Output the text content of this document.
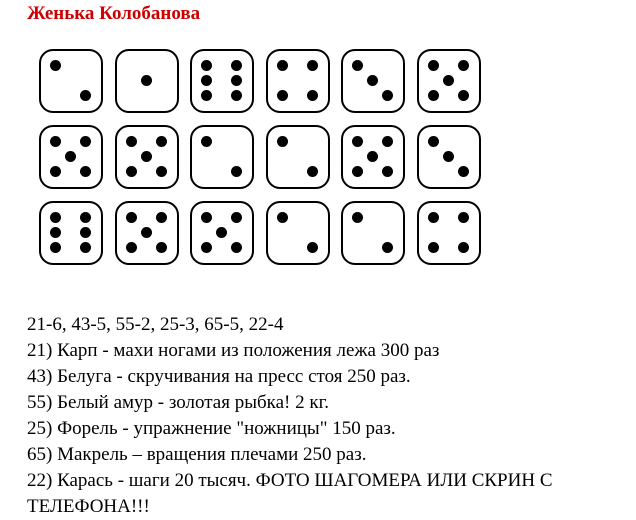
Женька Колобанова
21-6, 43-5, 55-2, 25-3, 65-5, 22-4
21) Карп - махи ногами из положения лежа 300 раз
43) Белуга - скручивания на пресс стоя 250 раз.
55) Белый амур - золотая рыбка! 2 кг.
25) Форель - упражнение "ножницы" 150 раз.
65) Макрель – вращения плечами 250 раз.
22) Карась - шаги 20 тысяч. ФОТО ШАГОМЕРА ИЛИ СКРИН С ТЕЛЕФОНА!!!
